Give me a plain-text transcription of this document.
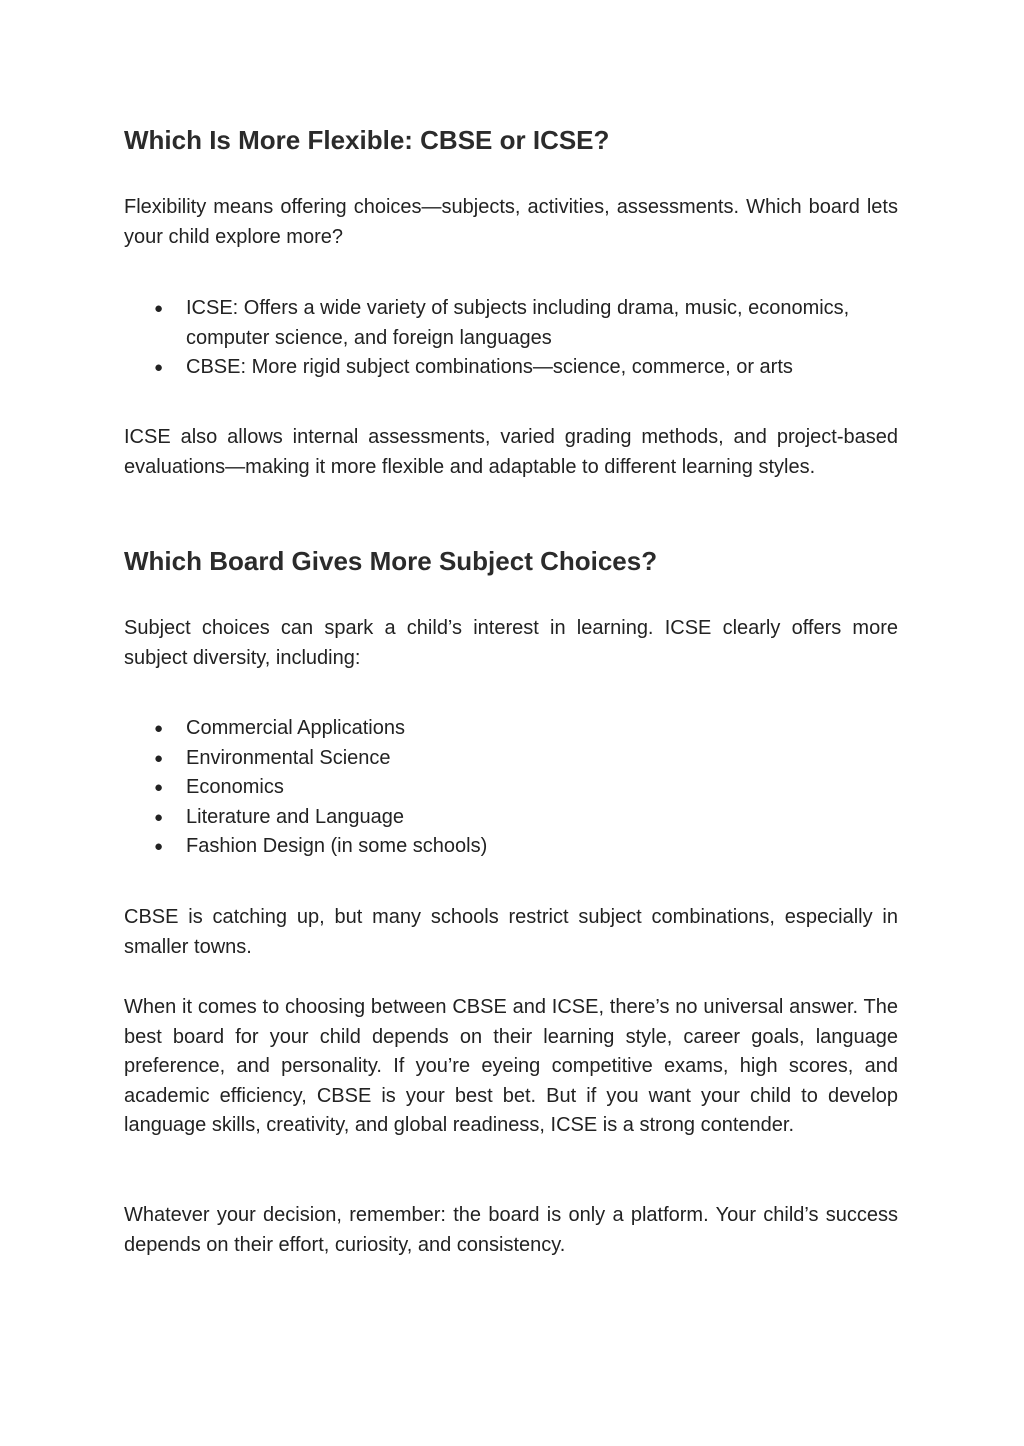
Which Is More Flexible: CBSE or ICSE?

Flexibility means offering choices—subjects, activities, assessments. Which board lets your child explore more?

● ICSE: Offers a wide variety of subjects including drama, music, economics, computer science, and foreign languages
● CBSE: More rigid subject combinations—science, commerce, or arts

ICSE also allows internal assessments, varied grading methods, and project-based evaluations—making it more flexible and adaptable to different learning styles.

Which Board Gives More Subject Choices?

Subject choices can spark a child’s interest in learning. ICSE clearly offers more subject diversity, including:

● Commercial Applications
● Environmental Science
● Economics
● Literature and Language
● Fashion Design (in some schools)

CBSE is catching up, but many schools restrict subject combinations, especially in smaller towns.

When it comes to choosing between CBSE and ICSE, there’s no universal answer. The best board for your child depends on their learning style, career goals, language preference, and personality. If you’re eyeing competitive exams, high scores, and academic efficiency, CBSE is your best bet. But if you want your child to develop language skills, creativity, and global readiness, ICSE is a strong contender.

Whatever your decision, remember: the board is only a platform. Your child’s success depends on their effort, curiosity, and consistency.
